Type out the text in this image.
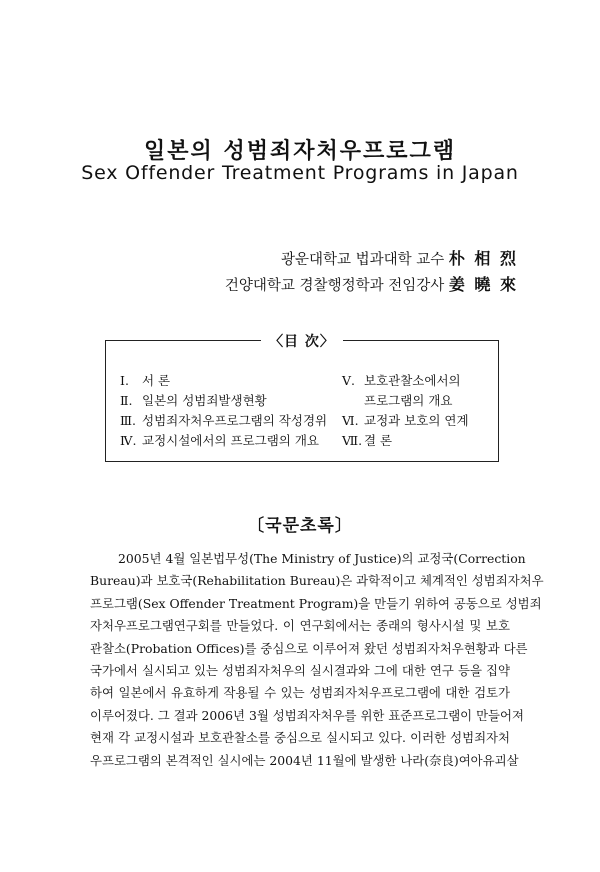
일본의 성범죄자처우프로그램
Sex Offender Treatment Programs in Japan
광운대학교 법과대학 교수 朴 相 烈
건양대학교 경찰행정학과 전임강사 姜 曉 來
〈目 次〉
Ⅰ. 서 론
Ⅱ. 일본의 성범죄발생현황
Ⅲ. 성범죄자처우프로그램의 작성경위
Ⅳ. 교정시설에서의 프로그램의 개요
Ⅴ. 보호관찰소에서의
프로그램의 개요
Ⅵ. 교정과 보호의 연계
Ⅶ. 결 론
〔국문초록〕
2005년 4월 일본법무성(The Ministry of Justice)의 교정국(Correction
Bureau)과 보호국(Rehabilitation Bureau)은 과학적이고 체계적인 성범죄자처우
프로그램(Sex Offender Treatment Program)을 만들기 위하여 공동으로 성범죄
자처우프로그램연구회를 만들었다. 이 연구회에서는 종래의 형사시설 및 보호
관찰소(Probation Offices)를 중심으로 이루어져 왔던 성범죄자처우현황과 다른
국가에서 실시되고 있는 성범죄자처우의 실시결과와 그에 대한 연구 등을 집약
하여 일본에서 유효하게 작용될 수 있는 성범죄자처우프로그램에 대한 검토가
이루어졌다. 그 결과 2006년 3월 성범죄자처우를 위한 표준프로그램이 만들어져
현재 각 교정시설과 보호관찰소를 중심으로 실시되고 있다. 이러한 성범죄자처
우프로그램의 본격적인 실시에는 2004년 11월에 발생한 나라(奈良)여아유괴살
